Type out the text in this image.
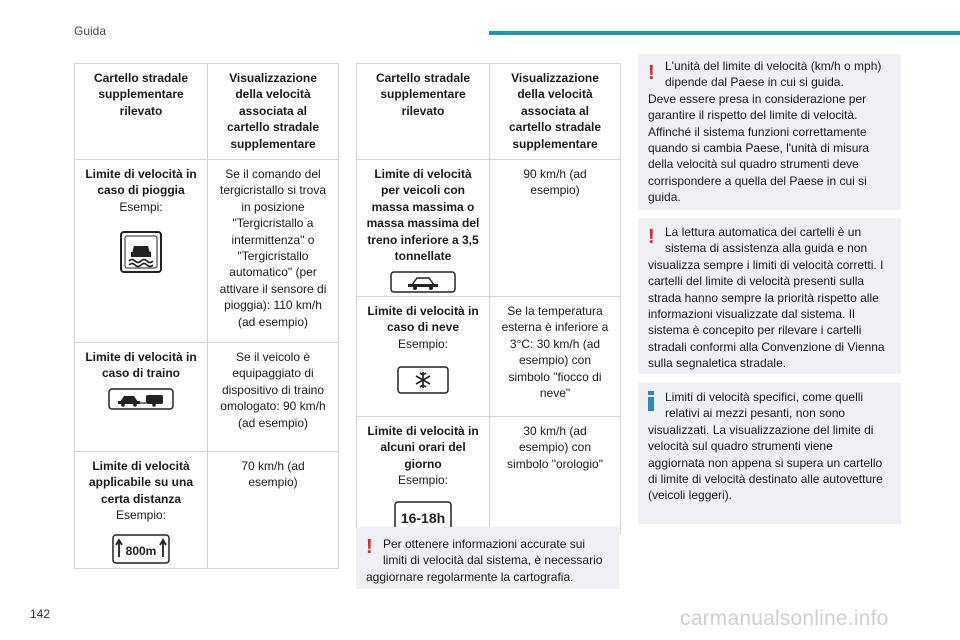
Guida
Cartello stradale supplementare rilevato	Visualizzazione della velocità associata al cartello stradale supplementare

Limite di velocità in caso di pioggia
Esempi:	Se il comando del tergicristallo si trova in posizione "Tergicristallo a intermittenza" o "Tergicristallo automatico" (per attivare il sensore di pioggia): 110 km/h (ad esempio)

Limite di velocità in caso di traino	Se il veicolo è equipaggiato di dispositivo di traino omologato: 90 km/h (ad esempio)

Limite di velocità applicabile su una certa distanza
Esempio:
800m	70 km/h (ad esempio)
Cartello stradale supplementare rilevato	Visualizzazione della velocità associata al cartello stradale supplementare

Limite di velocità per veicoli con massa massima o massa massima del treno inferiore a 3,5 tonnellate	90 km/h (ad esempio)

Limite di velocità in caso di neve
Esempio:	Se la temperatura esterna è inferiore a 3°C: 30 km/h (ad esempio) con simbolo "fiocco di neve"

Limite di velocità in alcuni orari del giorno
Esempio:
16-18h	30 km/h (ad esempio) con simbolo "orologio"
! Per ottenere informazioni accurate sui limiti di velocità dal sistema, è necessario
aggiornare regolarmente la cartografia.
! L'unità del limite di velocità (km/h o mph) dipende dal Paese in cui si guida.
Deve essere presa in considerazione per garantire il rispetto del limite di velocità. Affinché il sistema funzioni correttamente quando si cambia Paese, l'unità di misura della velocità sul quadro strumenti deve corrispondere a quella del Paese in cui si guida.
! La lettura automatica dei cartelli è un sistema di assistenza alla guida e non
visualizza sempre i limiti di velocità corretti. I cartelli del limite di velocità presenti sulla strada hanno sempre la priorità rispetto alle informazioni visualizzate dal sistema. Il sistema è concepito per rilevare i cartelli stradali conformi alla Convenzione di Vienna sulla segnaletica stradale.
Limiti di velocità specifici, come quelli relativi ai mezzi pesanti, non sono
visualizzati. La visualizzazione del limite di velocità sul quadro strumenti viene aggiornata non appena si supera un cartello di limite di velocità destinato alle autovetture (veicoli leggeri).
142	carmanualsonline.info
